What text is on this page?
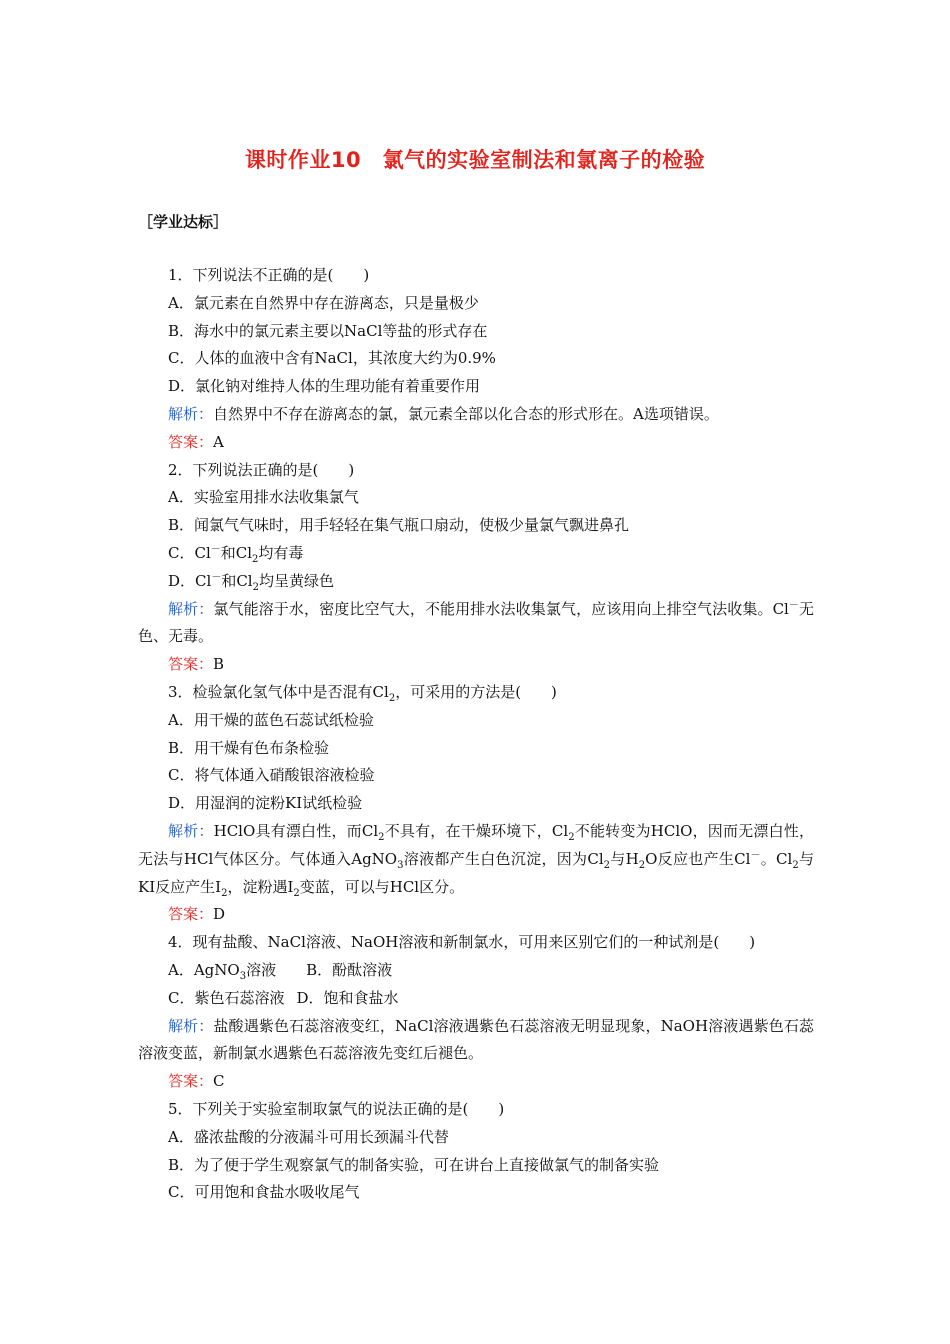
课时作业10　氯气的实验室制法和氯离子的检验
［学业达标］
1．下列说法不正确的是(　　)
A．氯元素在自然界中存在游离态，只是量极少
B．海水中的氯元素主要以NaCl等盐的形式存在
C．人体的血液中含有NaCl，其浓度大约为0.9%
D．氯化钠对维持人体的生理功能有着重要作用
解析：自然界中不存在游离态的氯，氯元素全部以化合态的形式形在。A选项错误。
答案：A
2．下列说法正确的是(　　)
A．实验室用排水法收集氯气
B．闻氯气气味时，用手轻轻在集气瓶口扇动，使极少量氯气飘进鼻孔
C．Cl－和$Cl_2$均有毒
D．Cl－和$Cl_2$均呈黄绿色
解析：氯气能溶于水，密度比空气大，不能用排水法收集氯气，应该用向上排空气法收集。Cl－无色、无毒。
答案：B
3．检验氯化氢气体中是否混有$Cl_2$，可采用的方法是(　　)
A．用干燥的蓝色石蕊试纸检验
B．用干燥有色布条检验
C．将气体通入硝酸银溶液检验
D．用湿润的淀粉KI试纸检验
解析：HClO具有漂白性，而$Cl_2$不具有，在干燥环境下，$Cl_2$不能转变为HClO，因而无漂白性，无法与HCl气体区分。气体通入AgNO$_3$溶液都产生白色沉淀，因为$Cl_2$与$H_2O$反应也产生Cl－。$Cl_2$与KI反应产生$I_2$，淀粉遇$I_2$变蓝，可以与HCl区分。
答案：D
4．现有盐酸、NaCl溶液、NaOH溶液和新制氯水，可用来区别它们的一种试剂是(　　)
A．AgNO$_3$溶液 B．酚酞溶液
C．紫色石蕊溶液 D．饱和食盐水
解析：盐酸遇紫色石蕊溶液变红，NaCl溶液遇紫色石蕊溶液无明显现象，NaOH溶液遇紫色石蕊溶液变蓝，新制氯水遇紫色石蕊溶液先变红后褪色。
答案：C
5．下列关于实验室制取氯气的说法正确的是(　　)
A．盛浓盐酸的分液漏斗可用长颈漏斗代替
B．为了便于学生观察氯气的制备实验，可在讲台上直接做氯气的制备实验
C．可用饱和食盐水吸收尾气
